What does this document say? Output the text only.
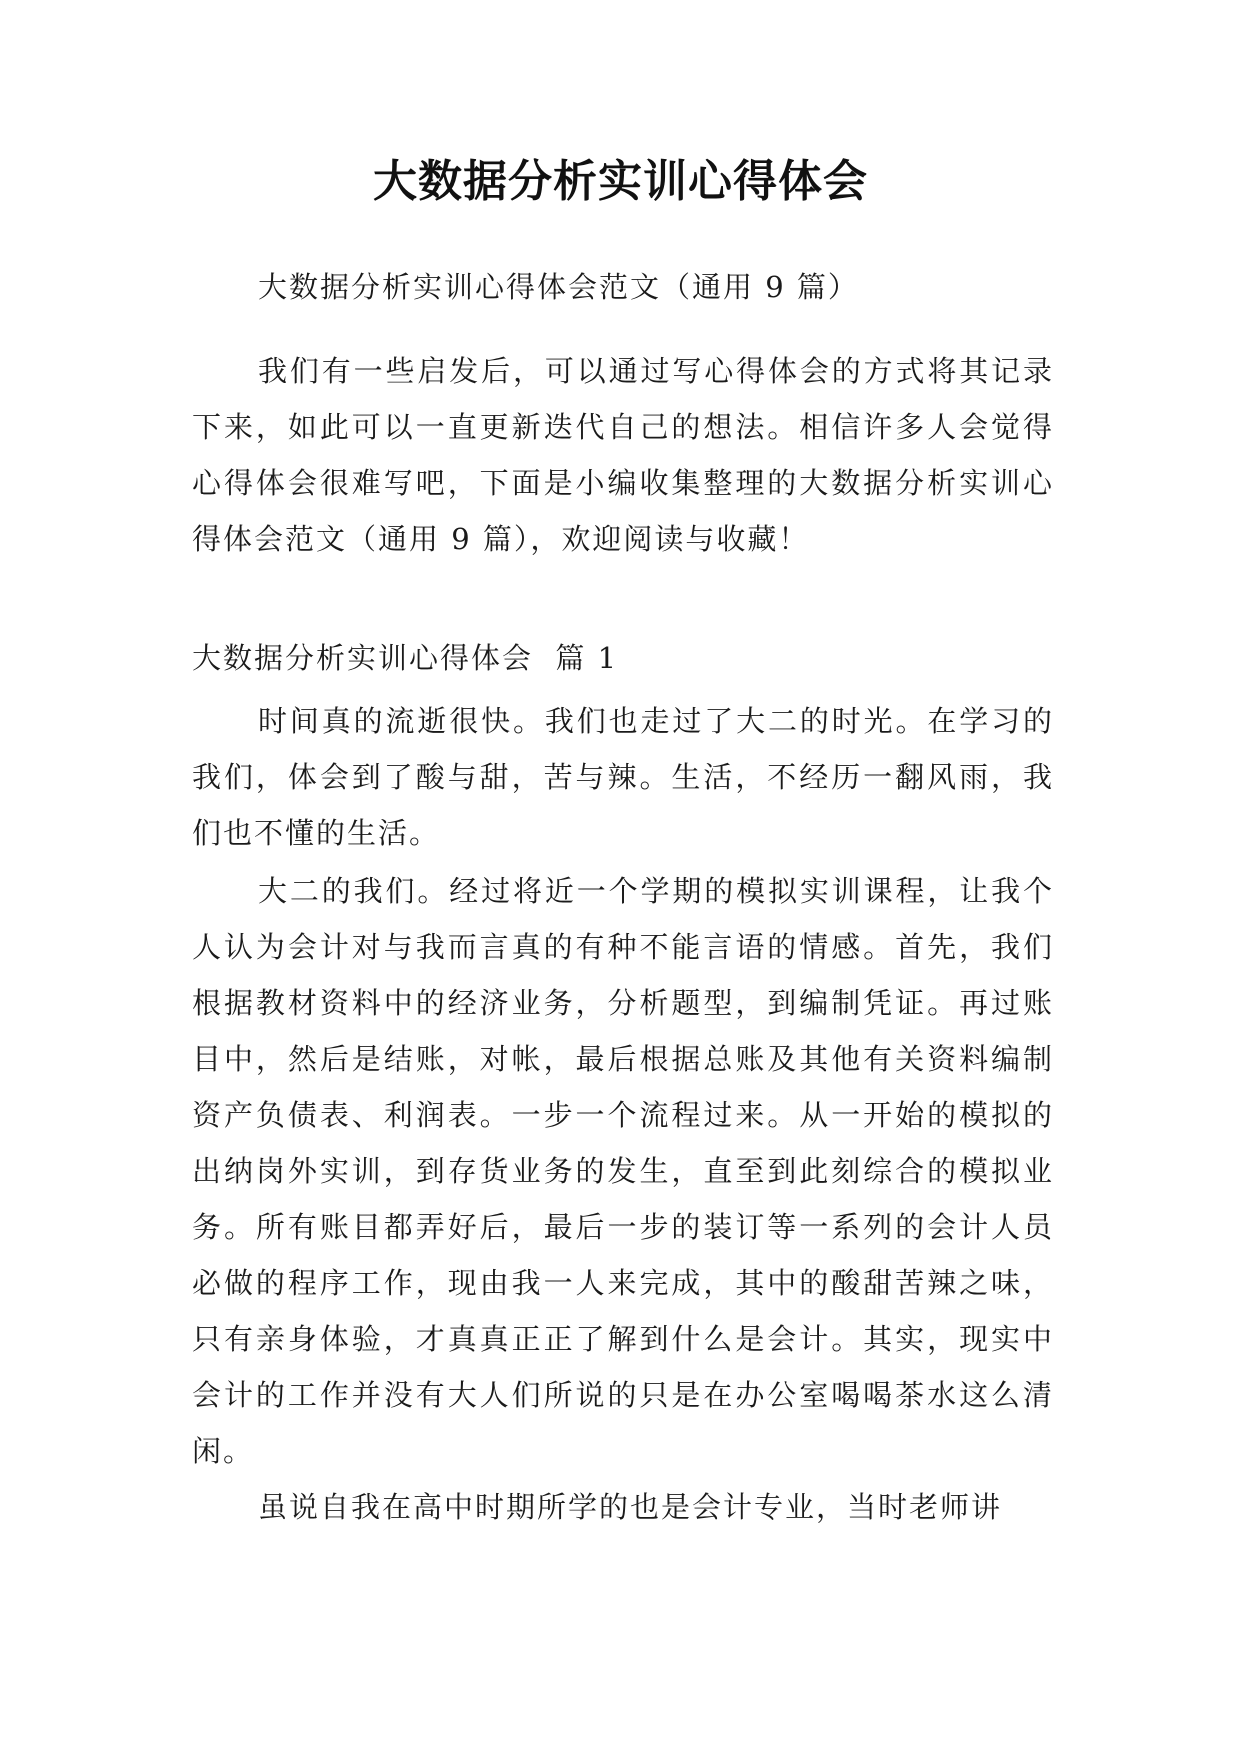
大数据分析实训心得体会

大数据分析实训心得体会范文（通用 9 篇）

我们有一些启发后，可以通过写心得体会的方式将其记录下来，如此可以一直更新迭代自己的想法。相信许多人会觉得心得体会很难写吧，下面是小编收集整理的大数据分析实训心得体会范文（通用 9 篇），欢迎阅读与收藏！

大数据分析实训心得体会  篇 1

时间真的流逝很快。我们也走过了大二的时光。在学习的我们，体会到了酸与甜，苦与辣。生活，不经历一翻风雨，我们也不懂的生活。

大二的我们。经过将近一个学期的模拟实训课程，让我个人认为会计对与我而言真的有种不能言语的情感。首先，我们根据教材资料中的经济业务，分析题型，到编制凭证。再过账目中，然后是结账，对帐，最后根据总账及其他有关资料编制资产负债表、利润表。一步一个流程过来。从一开始的模拟的出纳岗外实训，到存货业务的发生，直至到此刻综合的模拟业务。所有账目都弄好后，最后一步的装订等一系列的会计人员必做的程序工作，现由我一人来完成，其中的酸甜苦辣之味，只有亲身体验，才真真正正了解到什么是会计。其实，现实中会计的工作并没有大人们所说的只是在办公室喝喝茶水这么清闲。

虽说自我在高中时期所学的也是会计专业，当时老师讲
